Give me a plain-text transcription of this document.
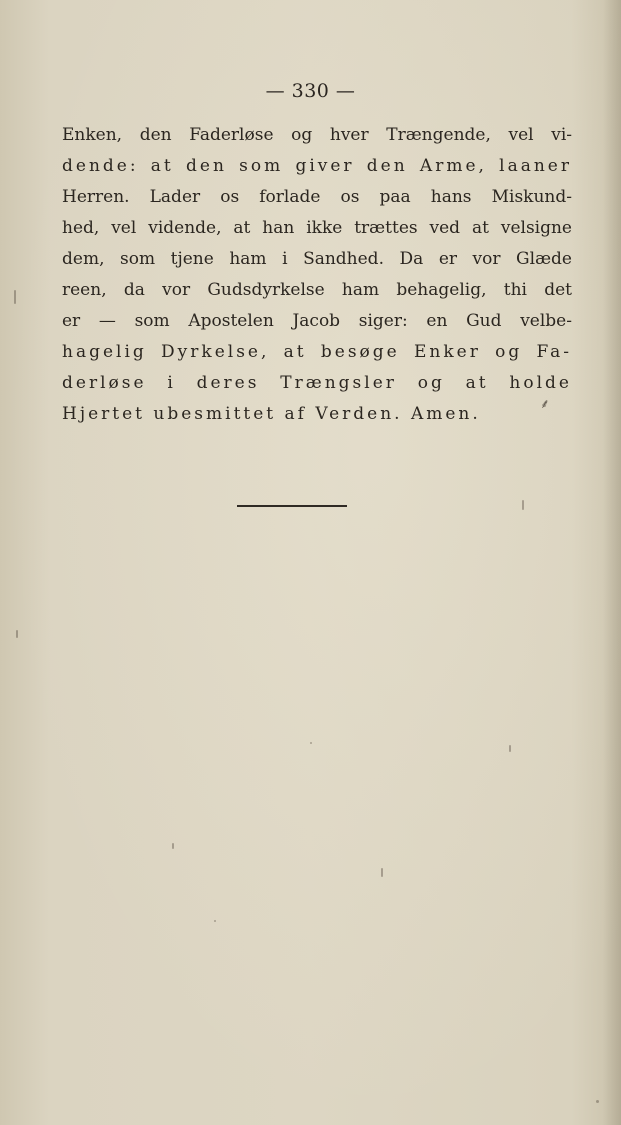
— 330 —
Enken, den Faderløse og hver Trængende, vel vi-
dende: at den som giver den Arme, laaner
Herren. Lader os forlade os paa hans Miskund-
hed, vel vidende, at han ikke trættes ved at velsigne
dem, som tjene ham i Sandhed. Da er vor Glæde
reen, da vor Gudsdyrkelse ham behagelig, thi det
er — som Apostelen Jacob siger: en Gud velbe-
hagelig Dyrkelse, at besøge Enker og Fa-
derløse i deres Trængsler og at holde
Hjertet ubesmittet af Verden. Amen.	⸙
